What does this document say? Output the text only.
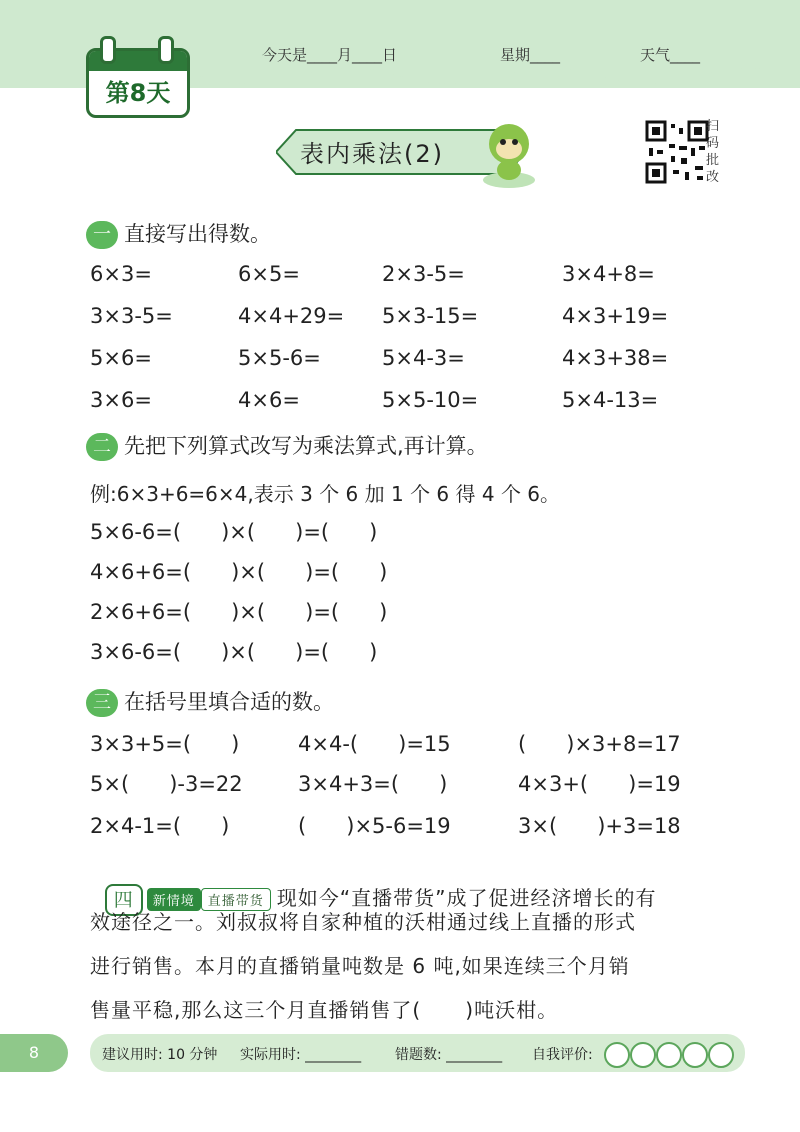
第8天
今天是____月____日	星期____	天气____
表内乘法(2)
扫码批改
一 直接写出得数。
6×3=	6×5=	2×3-5=	3×4+8=
3×3-5=	4×4+29= 5×3-15=	4×3+19=
5×6=	5×5-6=	5×4-3=	4×3+38=
3×6=	4×6=	5×5-10=	5×4-13=
二 先把下列算式改写为乘法算式,再计算。
例:6×3+6=6×4,表示 3 个 6 加 1 个 6 得 4 个 6。
5×6-6=(      )×(      )=(      )
4×6+6=(      )×(      )=(      )
2×6+6=(      )×(      )=(      )
3×6-6=(      )×(      )=(      )
三 在括号里填合适的数。
3×3+5=(      )	4×4-(      )=15	(      )×3+8=17
5×(      )-3=22	3×4+3=(      )	4×3+(      )=19
2×4-1=(      )	(      )×5-6=19	3×(      )+3=18

四 新情境 直播带货 现如今“直播带货”成了促进经济增长的有

效途径之一。刘叔叔将自家种植的沃柑通过线上直播的形式
进行销售。本月的直播销量吨数是 6 吨,如果连续三个月销
售量平稳,那么这三个月直播销售了(      )吨沃柑。
8	建议用时: 10 分钟 实际用时: ________ 错题数: ________ 自我评价:
